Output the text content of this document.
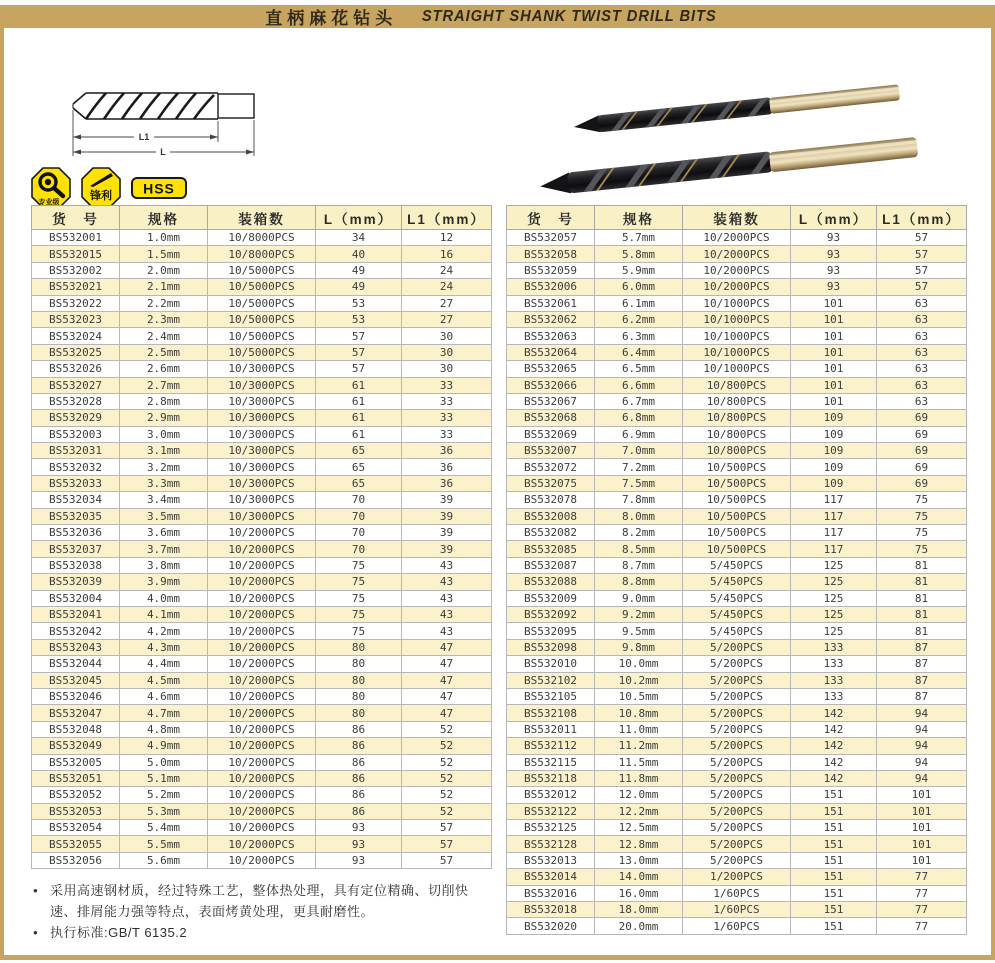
直柄麻花钻头 STRAIGHT SHANK TWIST DRILL BITS
L1
L
专业级
锋利 HSS
货　号	规格	装箱数	L（mm）	L1（mm）
BS532001	1.0mm	10/8000PCS	34	12
BS532015	1.5mm	10/8000PCS	40	16
BS532002	2.0mm	10/5000PCS	49	24
BS532021	2.1mm	10/5000PCS	49	24
BS532022	2.2mm	10/5000PCS	53	27
BS532023	2.3mm	10/5000PCS	53	27
BS532024	2.4mm	10/5000PCS	57	30
BS532025	2.5mm	10/5000PCS	57	30
BS532026	2.6mm	10/3000PCS	57	30
BS532027	2.7mm	10/3000PCS	61	33
BS532028	2.8mm	10/3000PCS	61	33
BS532029	2.9mm	10/3000PCS	61	33
BS532003	3.0mm	10/3000PCS	61	33
BS532031	3.1mm	10/3000PCS	65	36
BS532032	3.2mm	10/3000PCS	65	36
BS532033	3.3mm	10/3000PCS	65	36
BS532034	3.4mm	10/3000PCS	70	39
BS532035	3.5mm	10/3000PCS	70	39
BS532036	3.6mm	10/2000PCS	70	39
BS532037	3.7mm	10/2000PCS	70	39
BS532038	3.8mm	10/2000PCS	75	43
BS532039	3.9mm	10/2000PCS	75	43
BS532004	4.0mm	10/2000PCS	75	43
BS532041	4.1mm	10/2000PCS	75	43
BS532042	4.2mm	10/2000PCS	75	43
BS532043	4.3mm	10/2000PCS	80	47
BS532044	4.4mm	10/2000PCS	80	47
BS532045	4.5mm	10/2000PCS	80	47
BS532046	4.6mm	10/2000PCS	80	47
BS532047	4.7mm	10/2000PCS	80	47
BS532048	4.8mm	10/2000PCS	86	52
BS532049	4.9mm	10/2000PCS	86	52
BS532005	5.0mm	10/2000PCS	86	52
BS532051	5.1mm	10/2000PCS	86	52
BS532052	5.2mm	10/2000PCS	86	52
BS532053	5.3mm	10/2000PCS	86	52
BS532054	5.4mm	10/2000PCS	93	57
BS532055	5.5mm	10/2000PCS	93	57
BS532056	5.6mm	10/2000PCS	93	57
货　号	规格	装箱数	L（mm）	L1（mm）
BS532057	5.7mm	10/2000PCS	93	57
BS532058	5.8mm	10/2000PCS	93	57
BS532059	5.9mm	10/2000PCS	93	57
BS532006	6.0mm	10/2000PCS	93	57
BS532061	6.1mm	10/1000PCS	101	63
BS532062	6.2mm	10/1000PCS	101	63
BS532063	6.3mm	10/1000PCS	101	63
BS532064	6.4mm	10/1000PCS	101	63
BS532065	6.5mm	10/1000PCS	101	63
BS532066	6.6mm	10/800PCS	101	63
BS532067	6.7mm	10/800PCS	101	63
BS532068	6.8mm	10/800PCS	109	69
BS532069	6.9mm	10/800PCS	109	69
BS532007	7.0mm	10/800PCS	109	69
BS532072	7.2mm	10/500PCS	109	69
BS532075	7.5mm	10/500PCS	109	69
BS532078	7.8mm	10/500PCS	117	75
BS532008	8.0mm	10/500PCS	117	75
BS532082	8.2mm	10/500PCS	117	75
BS532085	8.5mm	10/500PCS	117	75
BS532087	8.7mm	5/450PCS	125	81
BS532088	8.8mm	5/450PCS	125	81
BS532009	9.0mm	5/450PCS	125	81
BS532092	9.2mm	5/450PCS	125	81
BS532095	9.5mm	5/450PCS	125	81
BS532098	9.8mm	5/200PCS	133	87
BS532010	10.0mm	5/200PCS	133	87
BS532102	10.2mm	5/200PCS	133	87
BS532105	10.5mm	5/200PCS	133	87
BS532108	10.8mm	5/200PCS	142	94
BS532011	11.0mm	5/200PCS	142	94
BS532112	11.2mm	5/200PCS	142	94
BS532115	11.5mm	5/200PCS	142	94
BS532118	11.8mm	5/200PCS	142	94
BS532012	12.0mm	5/200PCS	151	101
BS532122	12.2mm	5/200PCS	151	101
BS532125	12.5mm	5/200PCS	151	101
BS532128	12.8mm	5/200PCS	151	101
BS532013	13.0mm	5/200PCS	151	101
BS532014	14.0mm	1/200PCS	151	77
BS532016	16.0mm	1/60PCS	151	77
BS532018	18.0mm	1/60PCS	151	77
BS532020	20.0mm	1/60PCS	151	77
● 采用高速钢材质，经过特殊工艺，整体热处理，具有定位精确、切削快速、排屑能力强等特点，表面烤黄处理，更具耐磨性。
● 执行标准:GB/T 6135.2
